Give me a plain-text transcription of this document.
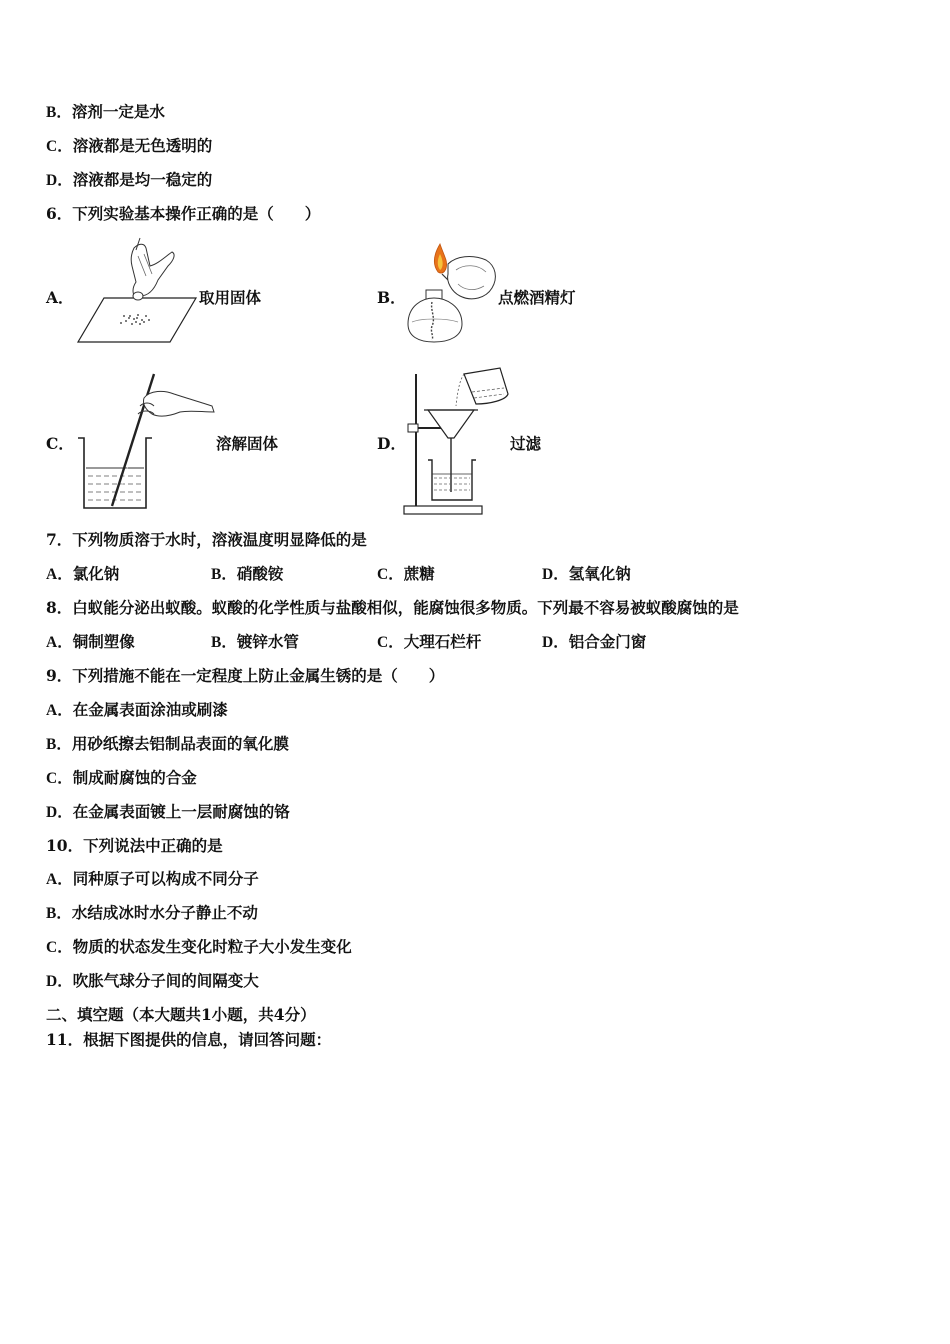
B．溶剂一定是水
C．溶液都是无色透明的
D．溶液都是均一稳定的
6．下列实验基本操作正确的是（　　）
A．	取用固体	B．	点燃酒精灯
C．	溶解固体	D．	过滤
7．下列物质溶于水时，溶液温度明显降低的是
A．氯化钠	B．硝酸铵	C．蔗糖	D．氢氧化钠
8．白蚁能分泌出蚁酸。蚁酸的化学性质与盐酸相似，能腐蚀很多物质。下列最不容易被蚁酸腐蚀的是
A．铜制塑像	B．镀锌水管	C．大理石栏杆	D．铝合金门窗
9．下列措施不能在一定程度上防止金属生锈的是（　　）
A．在金属表面涂油或刷漆
B．用砂纸擦去铝制品表面的氧化膜
C．制成耐腐蚀的合金
D．在金属表面镀上一层耐腐蚀的铬
10．下列说法中正确的是
A．同种原子可以构成不同分子
B．水结成冰时水分子静止不动
C．物质的状态发生变化时粒子大小发生变化
D．吹胀气球分子间的间隔变大
二、填空题（本大题共1小题，共4分）
11．根据下图提供的信息，请回答问题：
